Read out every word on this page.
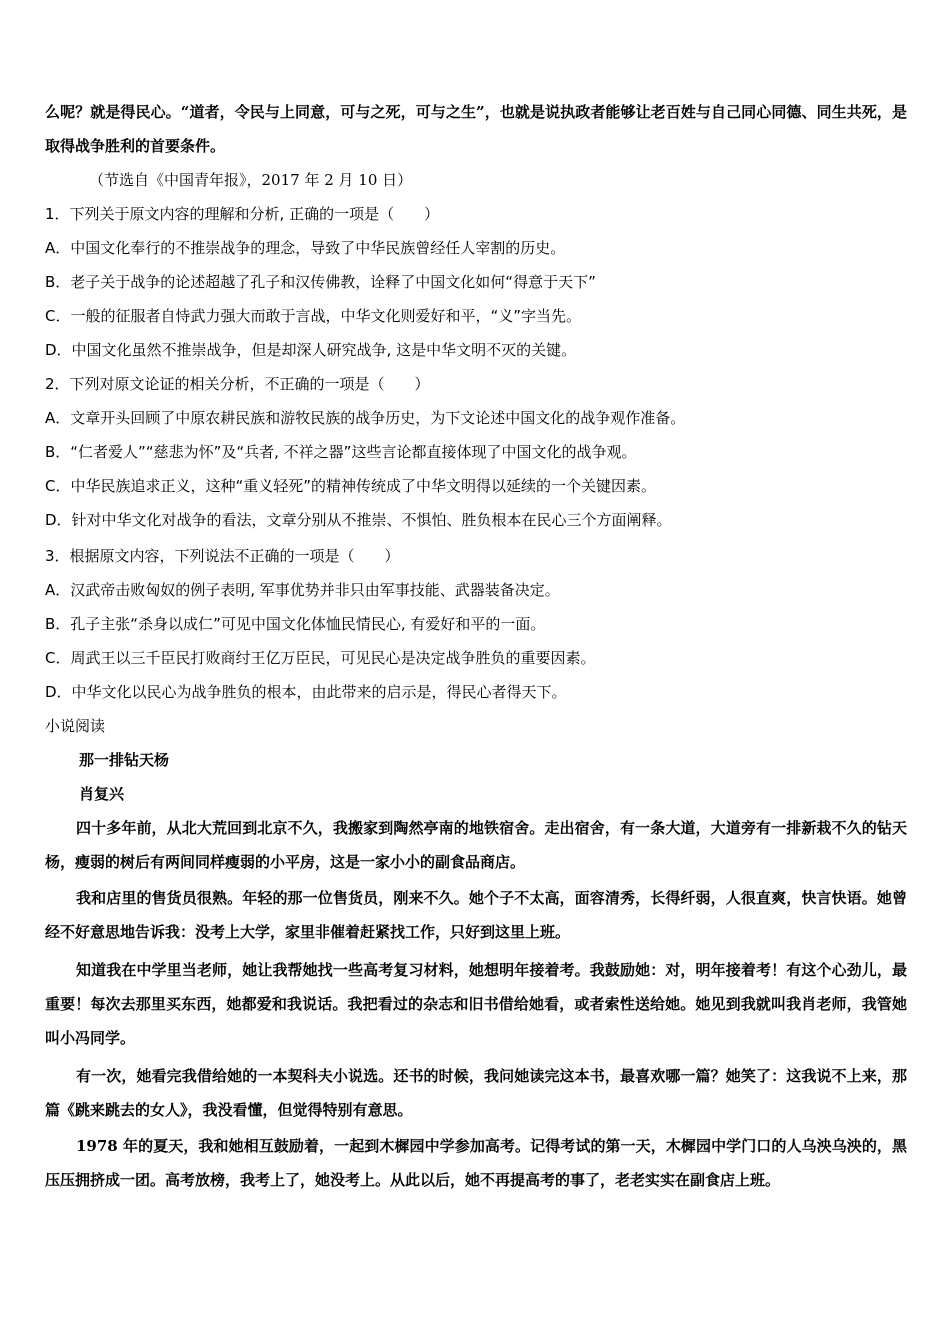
么呢？就是得民心。“道者，令民与上同意，可与之死，可与之生”，也就是说执政者能够让老百姓与自己同心同德、同生共死，是取得战争胜利的首要条件。

（节选自《中国青年报》，2017 年 2 月 10 日）

1．下列关于原文内容的理解和分析, 正确的一项是（　　）

A．中国文化奉行的不推崇战争的理念，导致了中华民族曾经任人宰割的历史。

B．老子关于战争的论述超越了孔子和汉传佛教，诠释了中国文化如何“得意于天下”

C．一般的征服者自恃武力强大而敢于言战，中华文化则爱好和平，“义”字当先。

D．中国文化虽然不推崇战争，但是却深人研究战争, 这是中华文明不灭的关键。

2．下列对原文论证的相关分析，不正确的一项是（　　）

A．文章开头回顾了中原农耕民族和游牧民族的战争历史，为下文论述中国文化的战争观作准备。

B．“仁者爱人”“慈悲为怀”及“兵者, 不祥之器”这些言论都直接体现了中国文化的战争观。

C．中华民族追求正义，这种“重义轻死”的精神传统成了中华文明得以延续的一个关键因素。

D．针对中华文化对战争的看法，文章分别从不推崇、不惧怕、胜负根本在民心三个方面阐释。

3．根据原文内容，下列说法不正确的一项是（　　）

A．汉武帝击败匈奴的例子表明, 军事优势并非只由军事技能、武器装备决定。

B．孔子主张“杀身以成仁”可见中国文化体恤民情民心, 有爱好和平的一面。

C．周武王以三千臣民打败商纣王亿万臣民，可见民心是决定战争胜负的重要因素。

D．中华文化以民心为战争胜负的根本，由此带来的启示是，得民心者得天下。

小说阅读

那一排钻天杨

肖复兴

四十多年前，从北大荒回到北京不久，我搬家到陶然亭南的地铁宿舍。走出宿舍，有一条大道，大道旁有一排新栽不久的钻天杨，瘦弱的树后有两间同样瘦弱的小平房，这是一家小小的副食品商店。

我和店里的售货员很熟。年轻的那一位售货员，刚来不久。她个子不太高，面容清秀，长得纤弱，人很直爽，快言快语。她曾经不好意思地告诉我：没考上大学，家里非催着赶紧找工作，只好到这里上班。

知道我在中学里当老师，她让我帮她找一些高考复习材料，她想明年接着考。我鼓励她：对，明年接着考！有这个心劲儿，最重要！每次去那里买东西，她都爱和我说话。我把看过的杂志和旧书借给她看，或者索性送给她。她见到我就叫我肖老师，我管她叫小冯同学。

有一次，她看完我借给她的一本契科夫小说选。还书的时候，我问她读完这本书，最喜欢哪一篇？她笑了：这我说不上来，那篇《跳来跳去的女人》，我没看懂，但觉得特别有意思。

1978 年的夏天，我和她相互鼓励着，一起到木樨园中学参加高考。记得考试的第一天，木樨园中学门口的人乌泱乌泱的，黑压压拥挤成一团。高考放榜，我考上了，她没考上。从此以后，她不再提高考的事了，老老实实在副食店上班。
